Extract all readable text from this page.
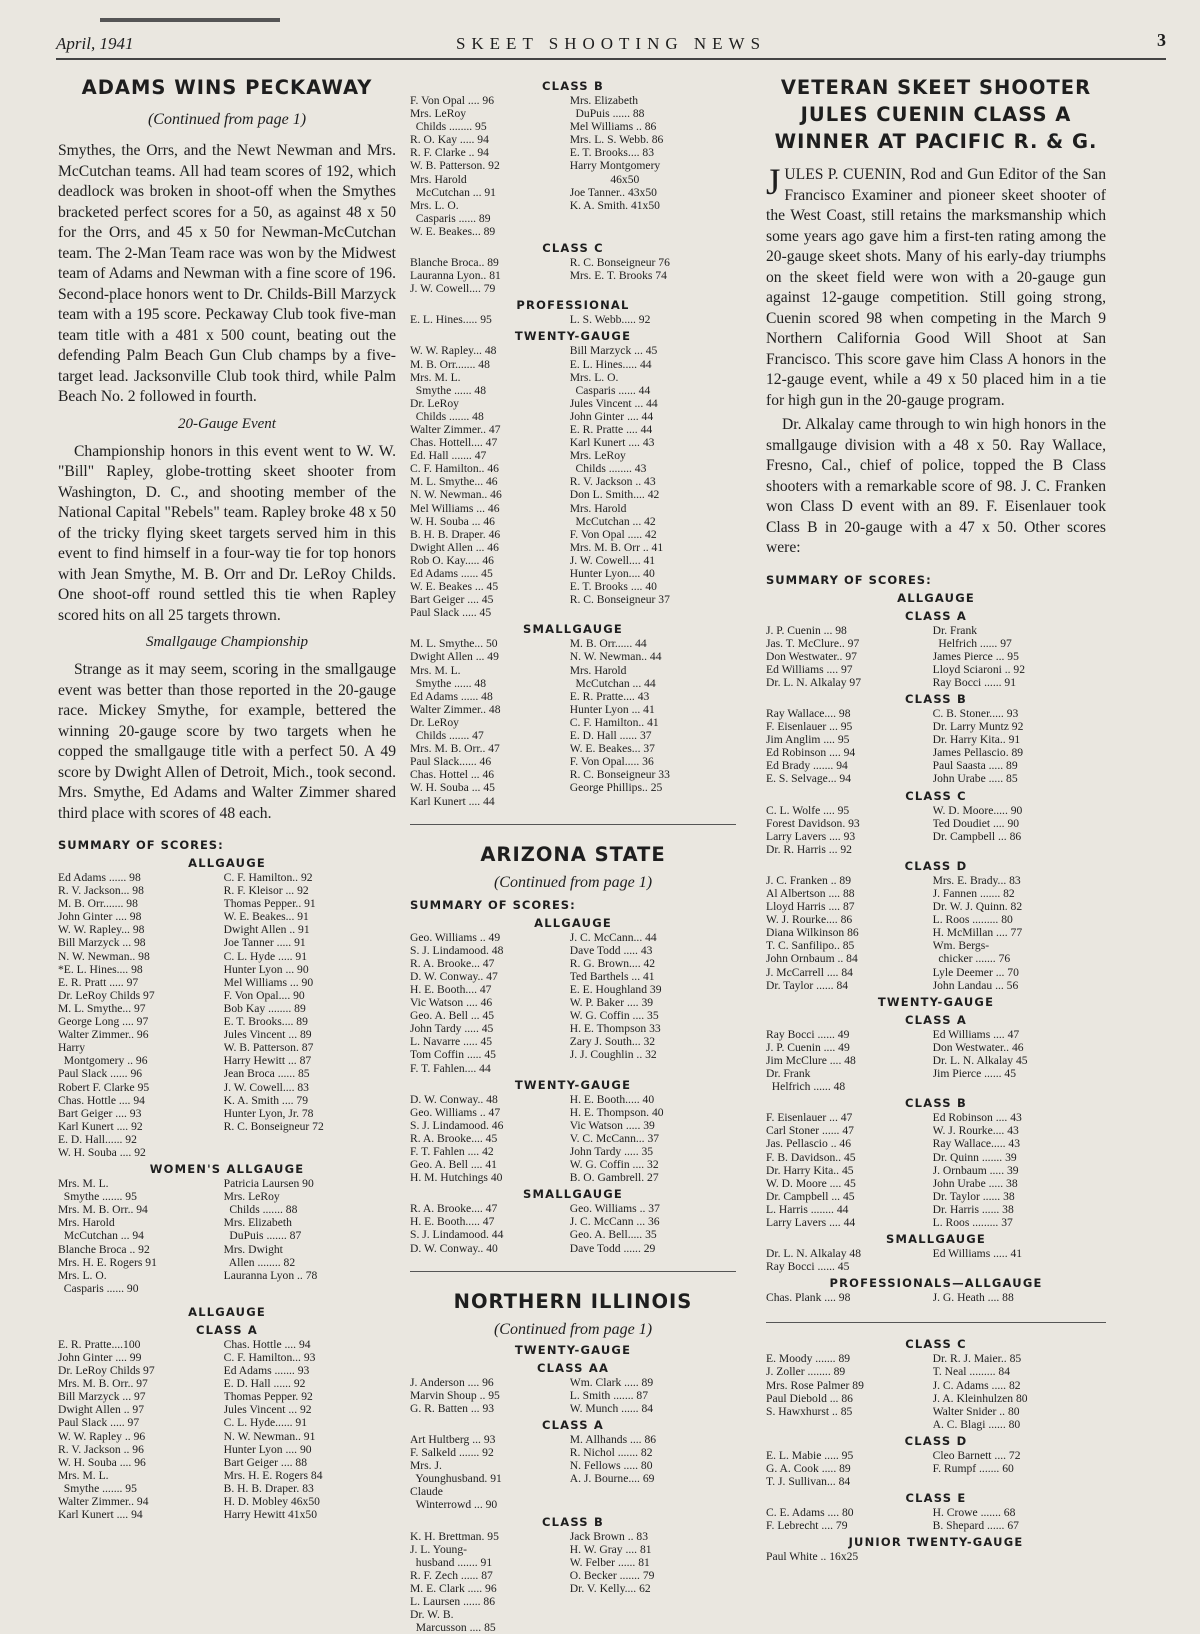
April, 1941	SKEET SHOOTING NEWS	3
ADAMS WINS PECKAWAY
(Continued from page 1)
Smythes, the Orrs, and the Newt Newman and Mrs. McCutchan teams. All had team scores of 192, which deadlock was broken in shoot-off when the Smythes bracketed perfect scores for a 50, as against 48 x 50 for the Orrs, and 45 x 50 for Newman-McCutchan team. The 2-Man Team race was won by the Midwest team of Adams and Newman with a fine score of 196. Second-place honors went to Dr. Childs-Bill Marzyck team with a 195 score. Peckaway Club took five-man team title with a 481 x 500 count, beating out the defending Palm Beach Gun Club champs by a five-target lead. Jacksonville Club took third, while Palm Beach No. 2 followed in fourth.
20-Gauge Event
Championship honors in this event went to W. W. "Bill" Rapley, globe-trotting skeet shooter from Washington, D. C., and shooting member of the National Capital "Rebels" team. Rapley broke 48 x 50 of the tricky flying skeet targets served him in this event to find himself in a four-way tie for top honors with Jean Smythe, M. B. Orr and Dr. LeRoy Childs. One shoot-off round settled this tie when Rapley scored hits on all 25 targets thrown.
Smallgauge Championship
Strange as it may seem, scoring in the smallgauge event was better than those reported in the 20-gauge race. Mickey Smythe, for example, bettered the winning 20-gauge score by two targets when he copped the smallgauge title with a perfect 50. A 49 score by Dwight Allen of Detroit, Mich., took second. Mrs. Smythe, Ed Adams and Walter Zimmer shared third place with scores of 48 each.
SUMMARY OF SCORES:
ALLGAUGE
Ed Adams ...... 98	C. F. Hamilton.. 92
R. V. Jackson... 98	R. F. Kleisor ... 92
M. B. Orr....... 98	Thomas Pepper.. 91
John Ginter .... 98	W. E. Beakes... 91
W. W. Rapley... 98	Dwight Allen .. 91
Bill Marzyck ... 98	Joe Tanner ..... 91
N. W. Newman.. 98	C. L. Hyde ..... 91
*E. L. Hines.... 98	Hunter Lyon ... 90
E. R. Pratt ..... 97	Mel Williams ... 90
Dr. LeRoy Childs 97	F. Von Opal.... 90
M. L. Smythe... 97	Bob Kay ........ 89
George Long .... 97	E. T. Brooks.... 89
Walter Zimmer.. 96	Jules Vincent ... 89
Harry	W. B. Patterson. 87
Montgomery .. 96	Harry Hewitt ... 87
Paul Slack ...... 96	Jean Broca ...... 85
Robert F. Clarke 95	J. W. Cowell.... 83
Chas. Hottle .... 94	K. A. Smith .... 79
Bart Geiger .... 93	Hunter Lyon, Jr. 78
Karl Kunert .... 92	R. C. Bonseigneur 72
E. D. Hall...... 92
W. H. Souba .... 92
WOMEN'S ALLGAUGE
Mrs. M. L.	Patricia Laursen 90
Smythe ....... 95	Mrs. LeRoy
Mrs. M. B. Orr.. 94	Childs ....... 88
Mrs. Harold	Mrs. Elizabeth
McCutchan ... 94	DuPuis ....... 87
Blanche Broca .. 92	Mrs. Dwight
Mrs. H. E. Rogers 91	Allen ........ 82
Mrs. L. O.	Lauranna Lyon .. 78
Casparis ...... 90
ALLGAUGE
CLASS A
E. R. Pratte....100	Chas. Hottle .... 94
John Ginter .... 99	C. F. Hamilton... 93
Dr. LeRoy Childs 97	Ed Adams ....... 93
Mrs. M. B. Orr.. 97	E. D. Hall ...... 92
Bill Marzyck ... 97	Thomas Pepper. 92
Dwight Allen .. 97	Jules Vincent ... 92
Paul Slack ..... 97	C. L. Hyde...... 91
W. W. Rapley .. 96	N. W. Newman.. 91
R. V. Jackson .. 96	Hunter Lyon .... 90
W. H. Souba .... 96	Bart Geiger .... 88
Mrs. M. L.	Mrs. H. E. Rogers 84
Smythe ....... 95	B. H. B. Draper. 83
Walter Zimmer.. 94	H. D. Mobley 46x50
Karl Kunert .... 94	Harry Hewitt 41x50
CLASS B
F. Von Opal .... 96	Mrs. Elizabeth
Mrs. LeRoy	DuPuis ...... 88
Childs ........ 95	Mel Williams .. 86
R. O. Kay ..... 94	Mrs. L. S. Webb. 86
R. F. Clarke .. 94	E. T. Brooks.... 83
W. B. Patterson. 92	Harry Montgomery
Mrs. Harold	46x50
McCutchan ... 91	Joe Tanner.. 43x50
Mrs. L. O.	K. A. Smith. 41x50
Casparis ...... 89
W. E. Beakes... 89
CLASS C
Blanche Broca.. 89	R. C. Bonseigneur 76
Lauranna Lyon.. 81	Mrs. E. T. Brooks 74
J. W. Cowell.... 79
PROFESSIONAL
E. L. Hines..... 95	L. S. Webb..... 92
TWENTY-GAUGE
W. W. Rapley... 48	Bill Marzyck ... 45
M. B. Orr....... 48	E. L. Hines..... 44
Mrs. M. L.	Mrs. L. O.
Smythe ...... 48	Casparis ...... 44
Dr. LeRoy	Jules Vincent ... 44
Childs ....... 48	John Ginter .... 44
Walter Zimmer.. 47	E. R. Pratte .... 44
Chas. Hottell.... 47	Karl Kunert .... 43
Ed. Hall ....... 47	Mrs. LeRoy
C. F. Hamilton.. 46	Childs ........ 43
M. L. Smythe... 46	R. V. Jackson .. 43
N. W. Newman.. 46	Don L. Smith.... 42
Mel Williams ... 46	Mrs. Harold
W. H. Souba ... 46	McCutchan ... 42
B. H. B. Draper. 46	F. Von Opal ..... 42
Dwight Allen ... 46	Mrs. M. B. Orr .. 41
Rob O. Kay..... 46	J. W. Cowell.... 41
Ed Adams ...... 45	Hunter Lyon.... 40
W. E. Beakes ... 45	E. T. Brooks .... 40
Bart Geiger .... 45	R. C. Bonseigneur 37
Paul Slack ..... 45
SMALLGAUGE
M. L. Smythe... 50	M. B. Orr...... 44
Dwight Allen ... 49	N. W. Newman.. 44
Mrs. M. L.	Mrs. Harold
Smythe ...... 48	McCutchan ... 44
Ed Adams ...... 48	E. R. Pratte.... 43
Walter Zimmer.. 48	Hunter Lyon ... 41
Dr. LeRoy	C. F. Hamilton.. 41
Childs ....... 47	E. D. Hall ...... 37
Mrs. M. B. Orr.. 47	W. E. Beakes... 37
Paul Slack...... 46	F. Von Opal..... 36
Chas. Hottel ... 46	R. C. Bonseigneur 33
W. H. Souba ... 45	George Phillips.. 25
Karl Kunert .... 44
ARIZONA STATE
(Continued from page 1)
SUMMARY OF SCORES:
ALLGAUGE
Geo. Williams .. 49	J. C. McCann... 44
S. J. Lindamood. 48	Dave Todd ..... 43
R. A. Brooke... 47	R. G. Brown.... 42
D. W. Conway.. 47	Ted Barthels ... 41
H. E. Booth.... 47	E. E. Houghland 39
Vic Watson .... 46	W. P. Baker .... 39
Geo. A. Bell ... 45	W. G. Coffin .... 35
John Tardy ..... 45	H. E. Thompson 33
L. Navarre ..... 45	Zary J. South... 32
Tom Coffin ..... 45	J. J. Coughlin .. 32
F. T. Fahlen.... 44
TWENTY-GAUGE
D. W. Conway.. 48	H. E. Booth..... 40
Geo. Williams .. 47	H. E. Thompson. 40
S. J. Lindamood. 46	Vic Watson ..... 39
R. A. Brooke.... 45	V. C. McCann... 37
F. T. Fahlen .... 42	John Tardy ..... 35
Geo. A. Bell .... 41	W. G. Coffin .... 32
H. M. Hutchings 40	B. O. Gambrell. 27
SMALLGAUGE
R. A. Brooke.... 47	Geo. Williams .. 37
H. E. Booth..... 47	J. C. McCann ... 36
S. J. Lindamood. 44	Geo. A. Bell..... 35
D. W. Conway.. 40	Dave Todd ...... 29
NORTHERN ILLINOIS
(Continued from page 1)
TWENTY-GAUGE
CLASS AA
J. Anderson .... 96	Wm. Clark ..... 89
Marvin Shoup .. 95	L. Smith ....... 87
G. R. Batten ... 93	W. Munch ...... 84
CLASS A
Art Hultberg ... 93	M. Allhands .... 86
F. Salkeld ....... 92	R. Nichol ....... 82
Mrs. J.	N. Fellows ..... 80
Younghusband. 91	A. J. Bourne.... 69
Claude
Winterrowd ... 90
CLASS B
K. H. Brettman. 95	Jack Brown .. 83
J. L. Young-	H. W. Gray .... 81
husband ....... 91	W. Felber ...... 81
R. F. Zech ...... 87	O. Becker ....... 79
M. E. Clark ..... 96	Dr. V. Kelly.... 62
L. Laursen ...... 86
Dr. W. B.
Marcusson .... 85
VETERAN SKEET SHOOTER
JULES CUENIN CLASS A
WINNER AT PACIFIC R. & G.
JULES P. CUENIN, Rod and Gun Editor of the San Francisco Examiner and pioneer skeet shooter of the West Coast, still retains the marksmanship which some years ago gave him a first-ten rating among the 20-gauge skeet shots. Many of his early-day triumphs on the skeet field were won with a 20-gauge gun against 12-gauge competition. Still going strong, Cuenin scored 98 when competing in the March 9 Northern California Good Will Shoot at San Francisco. This score gave him Class A honors in the 12-gauge event, while a 49 x 50 placed him in a tie for high gun in the 20-gauge program.
Dr. Alkalay came through to win high honors in the smallgauge division with a 48 x 50. Ray Wallace, Fresno, Cal., chief of police, topped the B Class shooters with a remarkable score of 98. J. C. Franken won Class D event with an 89. F. Eisenlauer took Class B in 20-gauge with a 47 x 50. Other scores were:
SUMMARY OF SCORES:
ALLGAUGE
CLASS A
J. P. Cuenin ... 98	Dr. Frank
Jas. T. McClure.. 97	Helfrich ...... 97
Don Westwater.. 97	James Pierce ... 95
Ed Williams .... 97	Lloyd Sciaroni .. 92
Dr. L. N. Alkalay 97	Ray Bocci ...... 91
CLASS B
Ray Wallace.... 98	C. B. Stoner..... 93
F. Eisenlauer ... 95	Dr. Larry Muntz 92
Jim Anglim .... 95	Dr. Harry Kita.. 91
Ed Robinson .... 94	James Pellascio. 89
Ed Brady ....... 94	Paul Saasta ..... 89
E. S. Selvage... 94	John Urabe ..... 85
CLASS C
C. L. Wolfe .... 95	W. D. Moore..... 90
Forest Davidson. 93	Ted Doudiet .... 90
Larry Lavers .... 93	Dr. Campbell ... 86
Dr. R. Harris ... 92
CLASS D
J. C. Franken .. 89	Mrs. E. Brady... 83
Al Albertson .... 88	J. Fannen ....... 82
Lloyd Harris .... 87	Dr. W. J. Quinn. 82
W. J. Rourke.... 86	L. Roos ......... 80
Diana Wilkinson 86	H. McMillan .... 77
T. C. Sanfilipo.. 85	Wm. Bergs-
John Ornbaum .. 84	chicker ....... 76
J. McCarrell .... 84	Lyle Deemer ... 70
Dr. Taylor ...... 84	John Landau ... 56
TWENTY-GAUGE
CLASS A
Ray Bocci ...... 49	Ed Williams .... 47
J. P. Cuenin .... 49	Don Westwater.. 46
Jim McClure .... 48	Dr. L. N. Alkalay 45
Dr. Frank	Jim Pierce ...... 45
Helfrich ...... 48
CLASS B
F. Eisenlauer ... 47	Ed Robinson .... 43
Carl Stoner ...... 47	W. J. Rourke.... 43
Jas. Pellascio .. 46	Ray Wallace..... 43
F. B. Davidson.. 45	Dr. Quinn ....... 39
Dr. Harry Kita.. 45	J. Ornbaum ..... 39
W. D. Moore .... 45	John Urabe ..... 38
Dr. Campbell ... 45	Dr. Taylor ...... 38
L. Harris ........ 44	Dr. Harris ...... 38
Larry Lavers .... 44	L. Roos ......... 37
SMALLGAUGE
Dr. L. N. Alkalay 48	Ed Williams ..... 41
Ray Bocci ...... 45
PROFESSIONALS—ALLGAUGE
Chas. Plank .... 98	J. G. Heath .... 88
CLASS C
E. Moody ....... 89	Dr. R. J. Maier.. 85
J. Zoller ........ 89	T. Neal ......... 84
Mrs. Rose Palmer 89	J. C. Adams ..... 82
Paul Diebold ... 86	J. A. Kleinhulzen 80
S. Hawxhurst .. 85	Walter Snider .. 80
A. C. Blagi ...... 80
CLASS D
E. L. Mabie ..... 95	Cleo Barnett .... 72
G. A. Cook ..... 89	F. Rumpf ....... 60
T. J. Sullivan... 84
CLASS E
C. E. Adams .... 80	H. Crowe ....... 68
F. Lebrecht .... 79	B. Shepard ...... 67
JUNIOR TWENTY-GAUGE
Paul White .. 16x25
